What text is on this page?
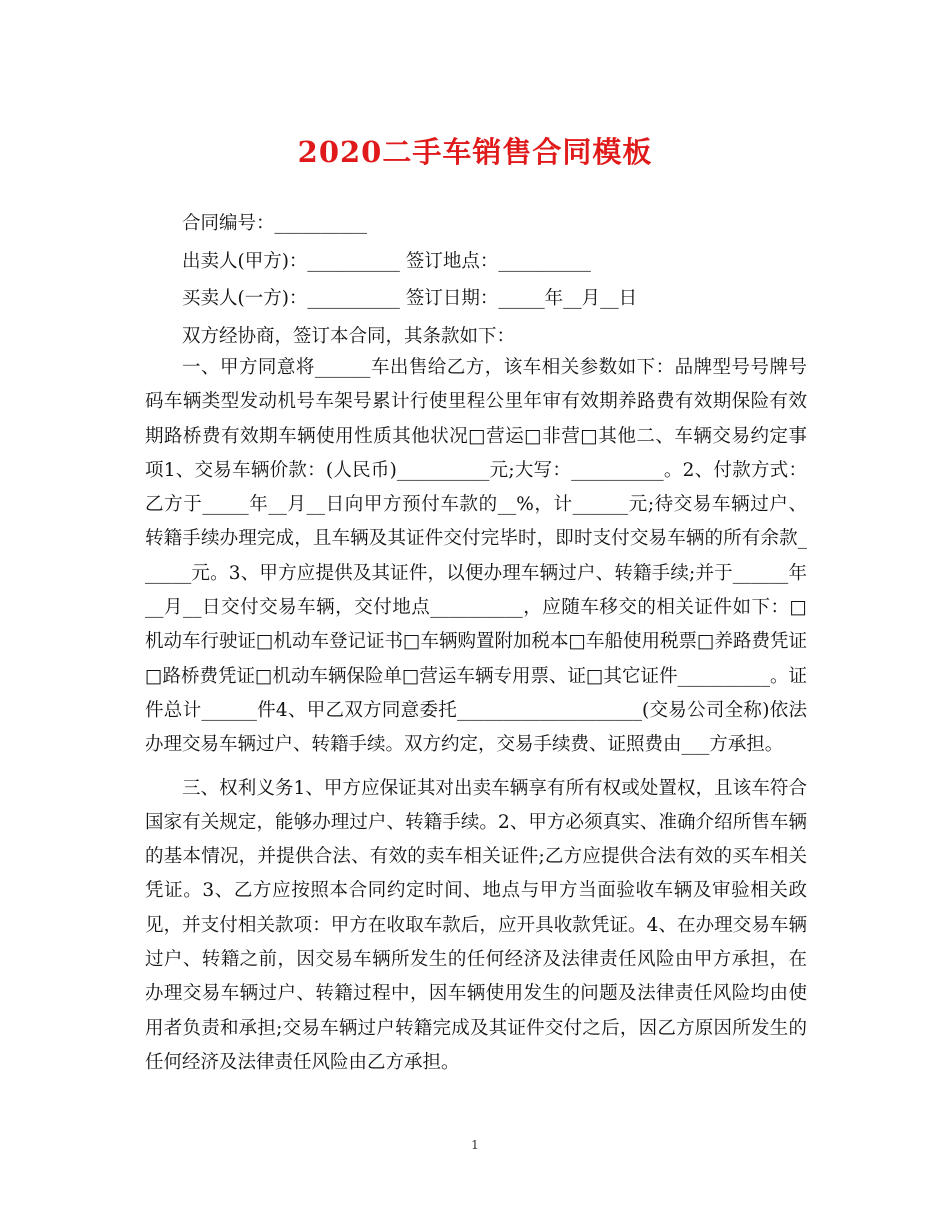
2020二手车销售合同模板
合同编号：__________
出卖人(甲方)：__________ 签订地点：__________
买卖人(一方)：__________ 签订日期：_____年__月__日
双方经协商，签订本合同，其条款如下：

一、甲方同意将______车出售给乙方，该车相关参数如下：品牌型号号牌号码车辆类型发动机号车架号累计行使里程公里年审有效期养路费有效期保险有效期路桥费有效期车辆使用性质其他状况□营运□非营□其他二、车辆交易约定事项1、交易车辆价款：(人民币)__________元;大写：__________。2、付款方式：乙方于_____年__月__日向甲方预付车款的__%，计______元;待交易车辆过户、转籍手续办理完成，且车辆及其证件交付完毕时，即时支付交易车辆的所有余款______元。3、甲方应提供及其证件，以便办理车辆过户、转籍手续;并于______年__月__日交付交易车辆，交付地点__________，应随车移交的相关证件如下：□机动车行驶证□机动车登记证书□车辆购置附加税本□车船使用税票□养路费凭证□路桥费凭证□机动车辆保险单□营运车辆专用票、证□其它证件__________。证件总计______件4、甲乙双方同意委托____________________(交易公司全称)依法办理交易车辆过户、转籍手续。双方约定，交易手续费、证照费由___方承担。

三、权利义务1、甲方应保证其对出卖车辆享有所有权或处置权，且该车符合国家有关规定，能够办理过户、转籍手续。2、甲方必须真实、准确介绍所售车辆的基本情况，并提供合法、有效的卖车相关证件;乙方应提供合法有效的买车相关凭证。3、乙方应按照本合同约定时间、地点与甲方当面验收车辆及审验相关政见，并支付相关款项：甲方在收取车款后，应开具收款凭证。4、在办理交易车辆过户、转籍之前，因交易车辆所发生的任何经济及法律责任风险由甲方承担，在办理交易车辆过户、转籍过程中，因车辆使用发生的问题及法律责任风险均由使用者负责和承担;交易车辆过户转籍完成及其证件交付之后，因乙方原因所发生的任何经济及法律责任风险由乙方承担。

1
